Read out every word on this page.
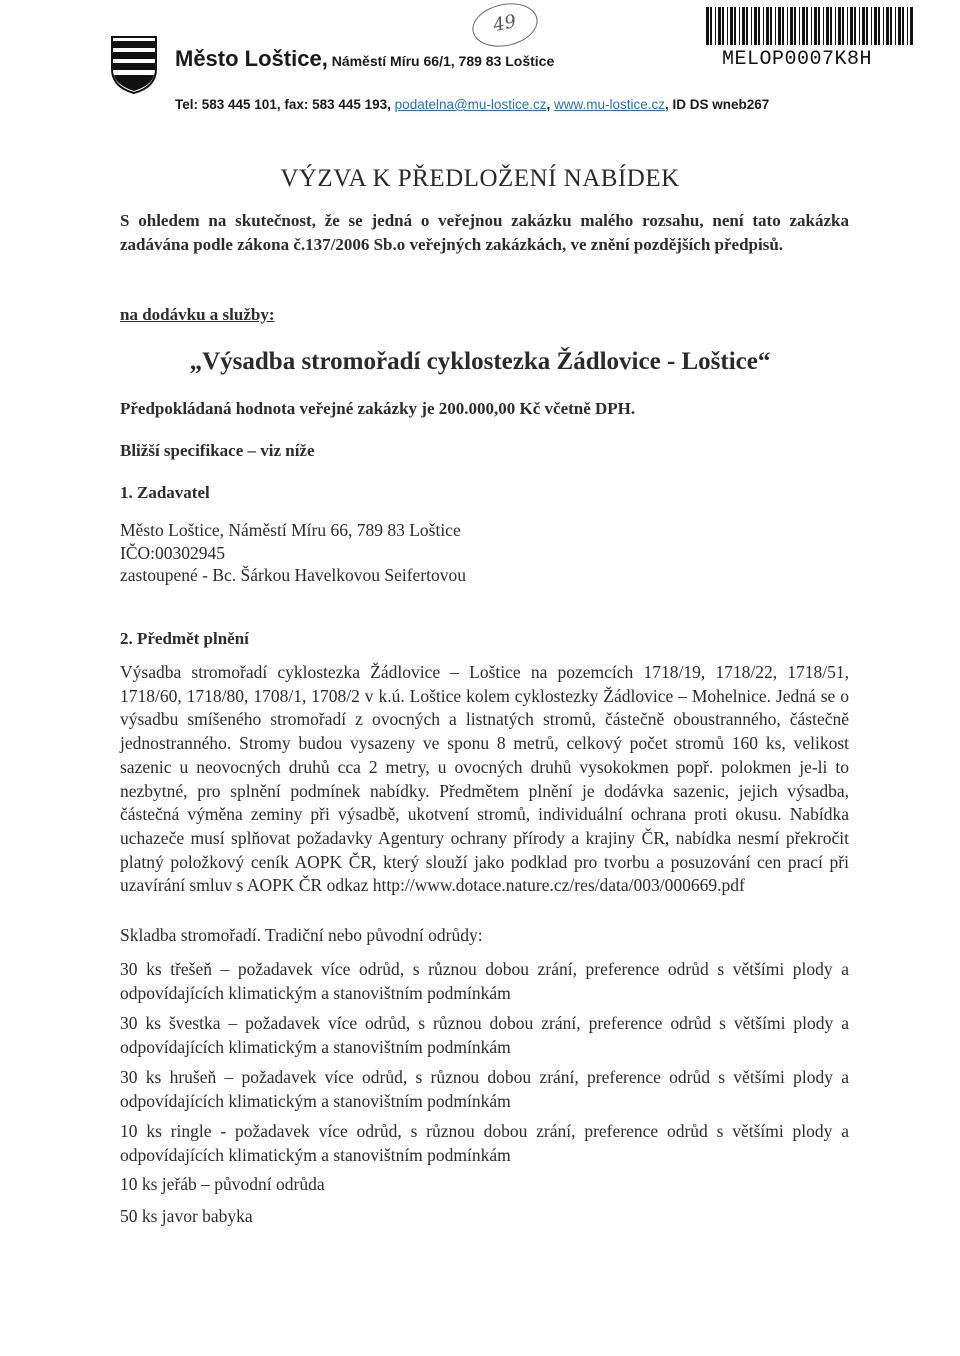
Město Loštice, Náměstí Míru 66/1, 789 83 Loštice
Tel: 583 445 101, fax: 583 445 193, podatelna@mu-lostice.cz, www.mu-lostice.cz, ID DS wneb267
49
MELOP0007K8H
VÝZVA K PŘEDLOŽENÍ NABÍDEK
S ohledem na skutečnost, že se jedná o veřejnou zakázku malého rozsahu, není tato zakázka zadávána podle zákona č.137/2006 Sb.o veřejných zakázkách, ve znění pozdějších předpisů.
na dodávku a služby:
„Výsadba stromořadí cyklostezka Žádlovice - Loštice“
Předpokládaná hodnota veřejné zakázky je 200.000,00 Kč včetně DPH.
Bližší specifikace – viz níže
1. Zadavatel
Město Loštice, Náměstí Míru 66, 789 83 Loštice
IČO:00302945
zastoupené - Bc. Šárkou Havelkovou Seifertovou
2. Předmět plnění
Výsadba stromořadí cyklostezka Žádlovice – Loštice na pozemcích 1718/19, 1718/22, 1718/51, 1718/60, 1718/80, 1708/1, 1708/2 v k.ú. Loštice kolem cyklostezky Žádlovice – Mohelnice. Jedná se o výsadbu smíšeného stromořadí z ovocných a listnatých stromů, částečně oboustranného, částečně jednostranného. Stromy budou vysazeny ve sponu 8 metrů, celkový počet stromů 160 ks, velikost sazenic u neovocných druhů cca 2 metry, u ovocných druhů vysokokmen popř. polokmen je-li to nezbytné, pro splnění podmínek nabídky. Předmětem plnění je dodávka sazenic, jejich výsadba, částečná výměna zeminy při výsadbě, ukotvení stromů, individuální ochrana proti okusu. Nabídka uchazeče musí splňovat požadavky Agentury ochrany přírody a krajiny ČR, nabídka nesmí překročit platný položkový ceník AOPK ČR, který slouží jako podklad pro tvorbu a posuzování cen prací při uzavírání smluv s AOPK ČR odkaz http://www.dotace.nature.cz/res/data/003/000669.pdf
Skladba stromořadí. Tradiční nebo původní odrůdy:
30 ks třešeň – požadavek více odrůd, s různou dobou zrání, preference odrůd s většími plody a odpovídajících klimatickým a stanovištním podmínkám
30 ks švestka – požadavek více odrůd, s různou dobou zrání, preference odrůd s většími plody a odpovídajících klimatickým a stanovištním podmínkám
30 ks hrušeň – požadavek více odrůd, s různou dobou zrání, preference odrůd s většími plody a odpovídajících klimatickým a stanovištním podmínkám
10 ks ringle - požadavek více odrůd, s různou dobou zrání, preference odrůd s většími plody a odpovídajících klimatickým a stanovištním podmínkám
10 ks jeřáb – původní odrůda
50 ks javor babyka
